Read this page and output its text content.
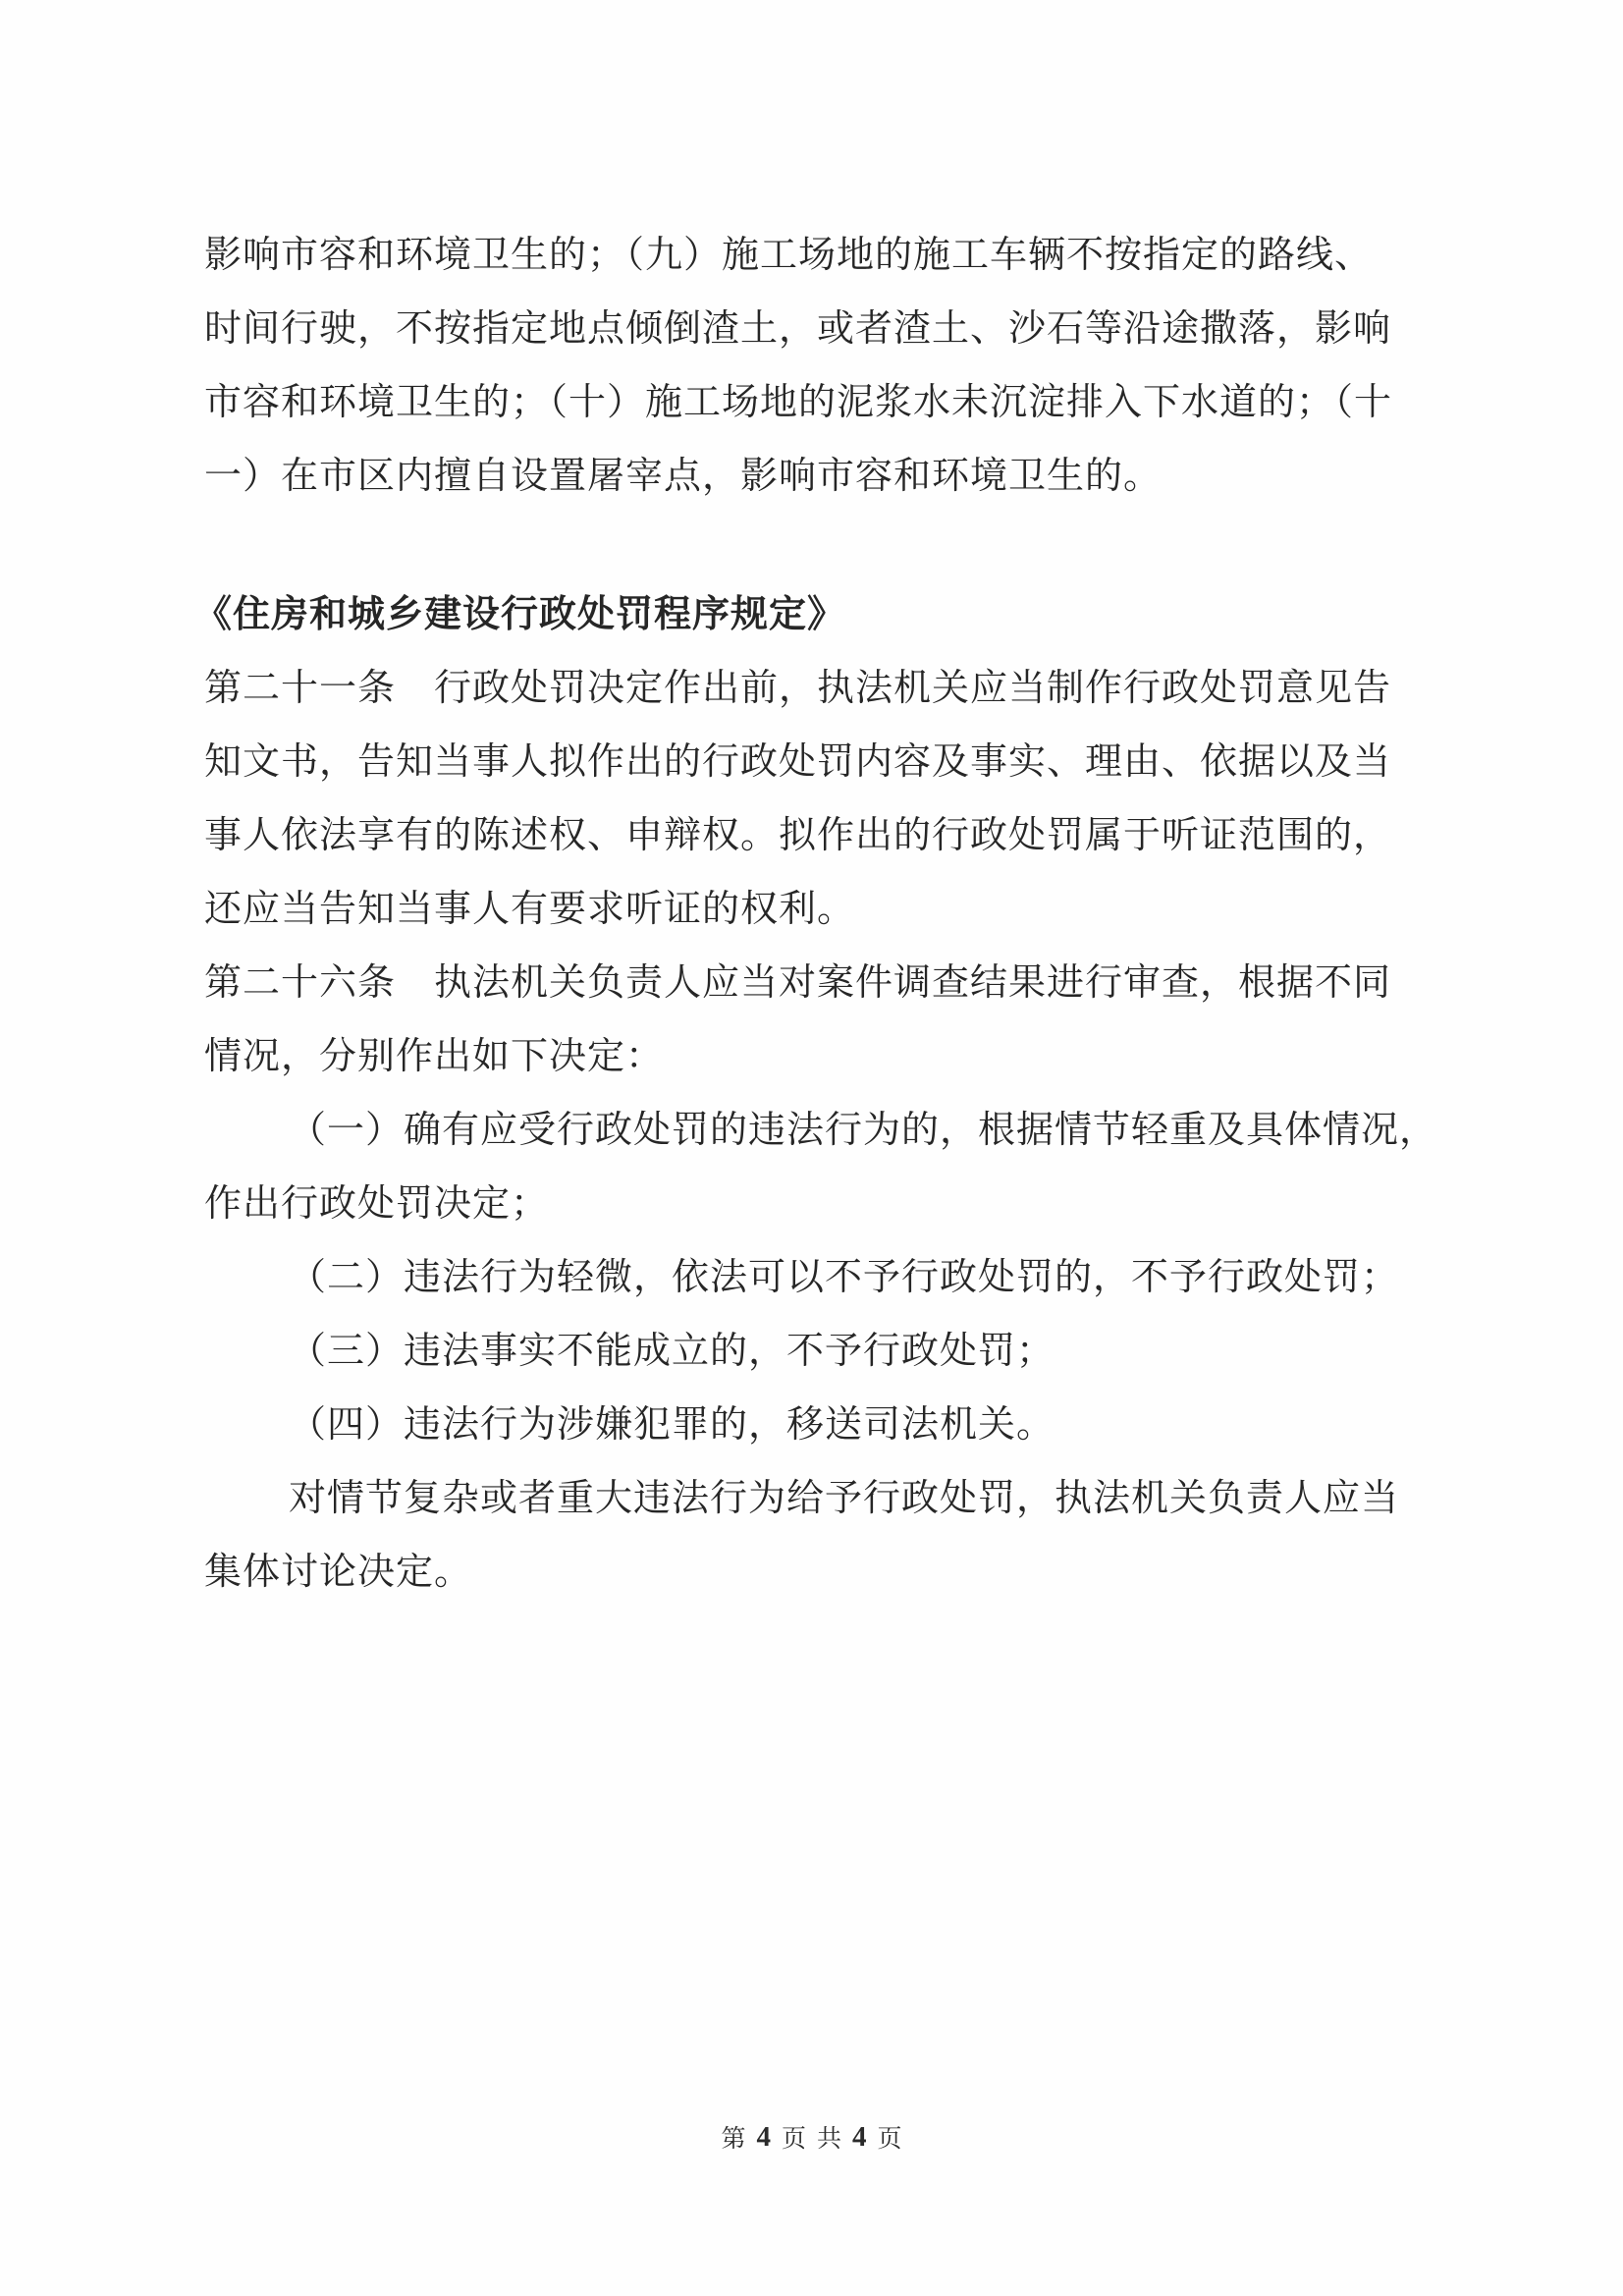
影响市容和环境卫生的；（九）施工场地的施工车辆不按指定的路线、
时间行驶，不按指定地点倾倒渣土，或者渣土、沙石等沿途撒落，影响
市容和环境卫生的；（十）施工场地的泥浆水未沉淀排入下水道的；（十
一）在市区内擅自设置屠宰点，影响市容和环境卫生的。
《住房和城乡建设行政处罚程序规定》
第二十一条　行政处罚决定作出前，执法机关应当制作行政处罚意见告
知文书，告知当事人拟作出的行政处罚内容及事实、理由、依据以及当
事人依法享有的陈述权、申辩权。拟作出的行政处罚属于听证范围的，
还应当告知当事人有要求听证的权利。
第二十六条　执法机关负责人应当对案件调查结果进行审查，根据不同
情况，分别作出如下决定：
（一）确有应受行政处罚的违法行为的，根据情节轻重及具体情况，
作出行政处罚决定；
（二）违法行为轻微，依法可以不予行政处罚的，不予行政处罚；
（三）违法事实不能成立的，不予行政处罚；
（四）违法行为涉嫌犯罪的，移送司法机关。
对情节复杂或者重大违法行为给予行政处罚，执法机关负责人应当
集体讨论决定。
第 4 页 共 4 页
